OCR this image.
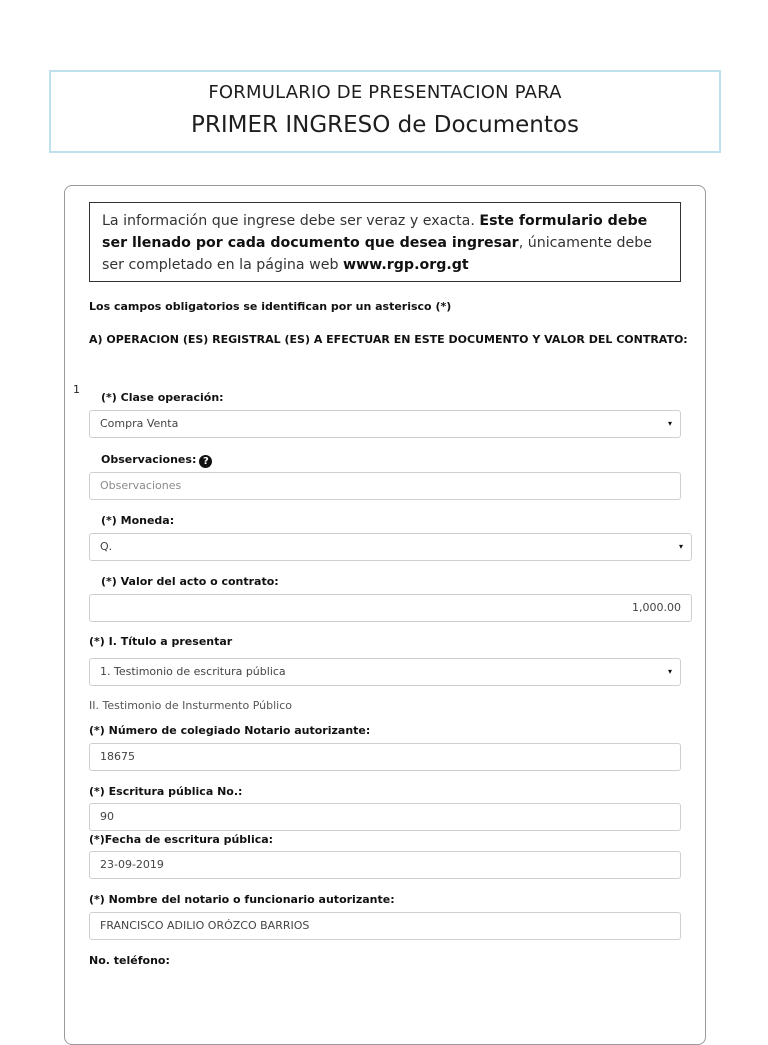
FORMULARIO DE PRESENTACION PARA
PRIMER INGRESO de Documentos
La información que ingrese debe ser veraz y exacta. Este formulario debe ser llenado por cada documento que desea ingresar, únicamente debe ser completado en la página web www.rgp.org.gt
Los campos obligatorios se identifican por un asterisco (*)
A) OPERACION (ES) REGISTRAL (ES) A EFECTUAR EN ESTE DOCUMENTO Y VALOR DEL CONTRATO:
1
(*) Clase operación:
Compra Venta	▾
Observaciones: ?
Observaciones
(*) Moneda:
Q.	▾
(*) Valor del acto o contrato:
1,000.00
(*) I. Título a presentar
1. Testimonio de escritura pública	▾
II. Testimonio de Insturmento Público
(*) Número de colegiado Notario autorizante:
18675
(*) Escritura pública No.:
90
(*)Fecha de escritura pública:
23-09-2019
(*) Nombre del notario o funcionario autorizante:
FRANCISCO ADILIO ORÓZCO BARRIOS
No. teléfono:
